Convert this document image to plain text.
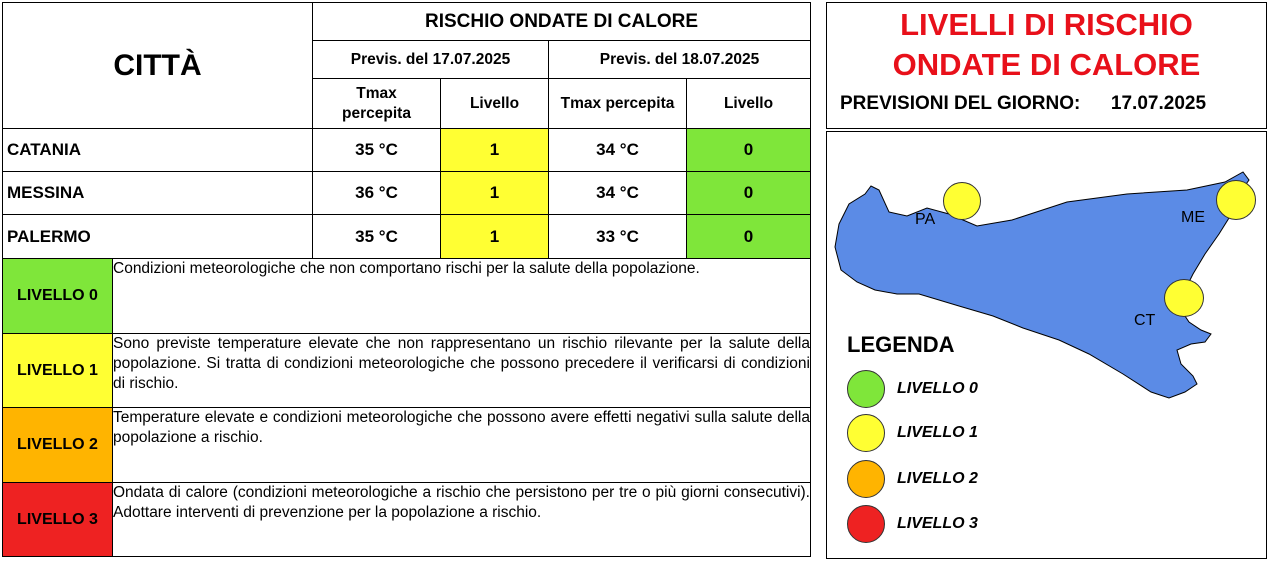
CITTÀ		RISCHIO ONDATE DI CALORE			
		Previs. del 17.07.2025		Previs. del 18.07.2025	
		Tmax percepita	Livello	Tmax percepita	Livello
CATANIA		35 °C	1	34 °C	0
MESSINA		36 °C	1	34 °C	0
PALERMO		35 °C	1	33 °C	0
LIVELLO 0	Condizioni meteorologiche che non comportano rischi per la salute della popolazione.				
LIVELLO 1	Sono previste temperature elevate che non rappresentano un rischio rilevante per la salute della popolazione. Si tratta di condizioni meteorologiche che possono precedere il verificarsi di condizioni di rischio.				
LIVELLO 2	Temperature elevate e condizioni meteorologiche che possono avere effetti negativi sulla salute della popolazione a rischio.				
LIVELLO 3	Ondata di calore (condizioni meteorologiche a rischio che persistono per tre o più giorni consecutivi). Adottare interventi di prevenzione per la popolazione a rischio.				
LIVELLI DI RISCHIO
ONDATE DI CALORE
PREVISIONI DEL GIORNO: 17.07.2025
PA	ME
CT
LEGENDA
LIVELLO 0
LIVELLO 1
LIVELLO 2
LIVELLO 3
